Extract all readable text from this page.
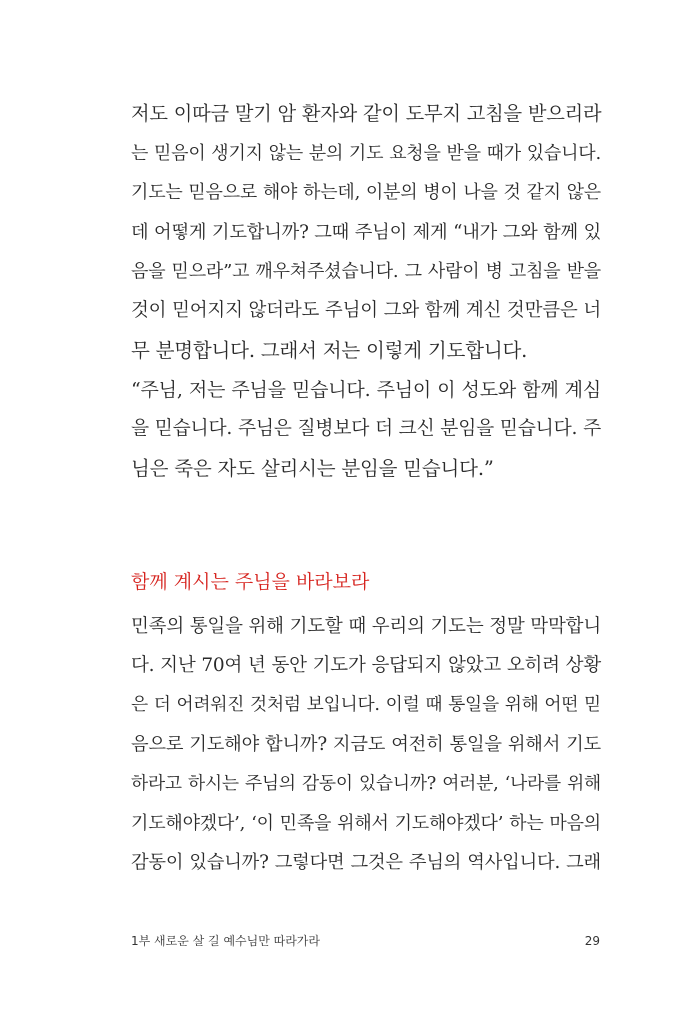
저도 이따금 말기 암 환자와 같이 도무지 고침을 받으리라

는 믿음이 생기지 않는 분의 기도 요청을 받을 때가 있습니다.

기도는 믿음으로 해야 하는데, 이분의 병이 나을 것 같지 않은

데 어떻게 기도합니까? 그때 주님이 제게 “내가 그와 함께 있

음을 믿으라”고 깨우쳐주셨습니다. 그 사람이 병 고침을 받을

것이 믿어지지 않더라도 주님이 그와 함께 계신 것만큼은 너

무 분명합니다. 그래서 저는 이렇게 기도합니다.

“주님, 저는 주님을 믿습니다. 주님이 이 성도와 함께 계심

을 믿습니다. 주님은 질병보다 더 크신 분임을 믿습니다. 주

님은 죽은 자도 살리시는 분임을 믿습니다.”

함께 계시는 주님을 바라보라

민족의 통일을 위해 기도할 때 우리의 기도는 정말 막막합니

다. 지난 70여 년 동안 기도가 응답되지 않았고 오히려 상황

은 더 어려워진 것처럼 보입니다. 이럴 때 통일을 위해 어떤 믿

음으로 기도해야 합니까? 지금도 여전히 통일을 위해서 기도

하라고 하시는 주님의 감동이 있습니까? 여러분, ‘나라를 위해

기도해야겠다’, ‘이 민족을 위해서 기도해야겠다’ 하는 마음의

감동이 있습니까? 그렇다면 그것은 주님의 역사입니다. 그래

1부 새로운 살 길 예수님만 따라가라	29
